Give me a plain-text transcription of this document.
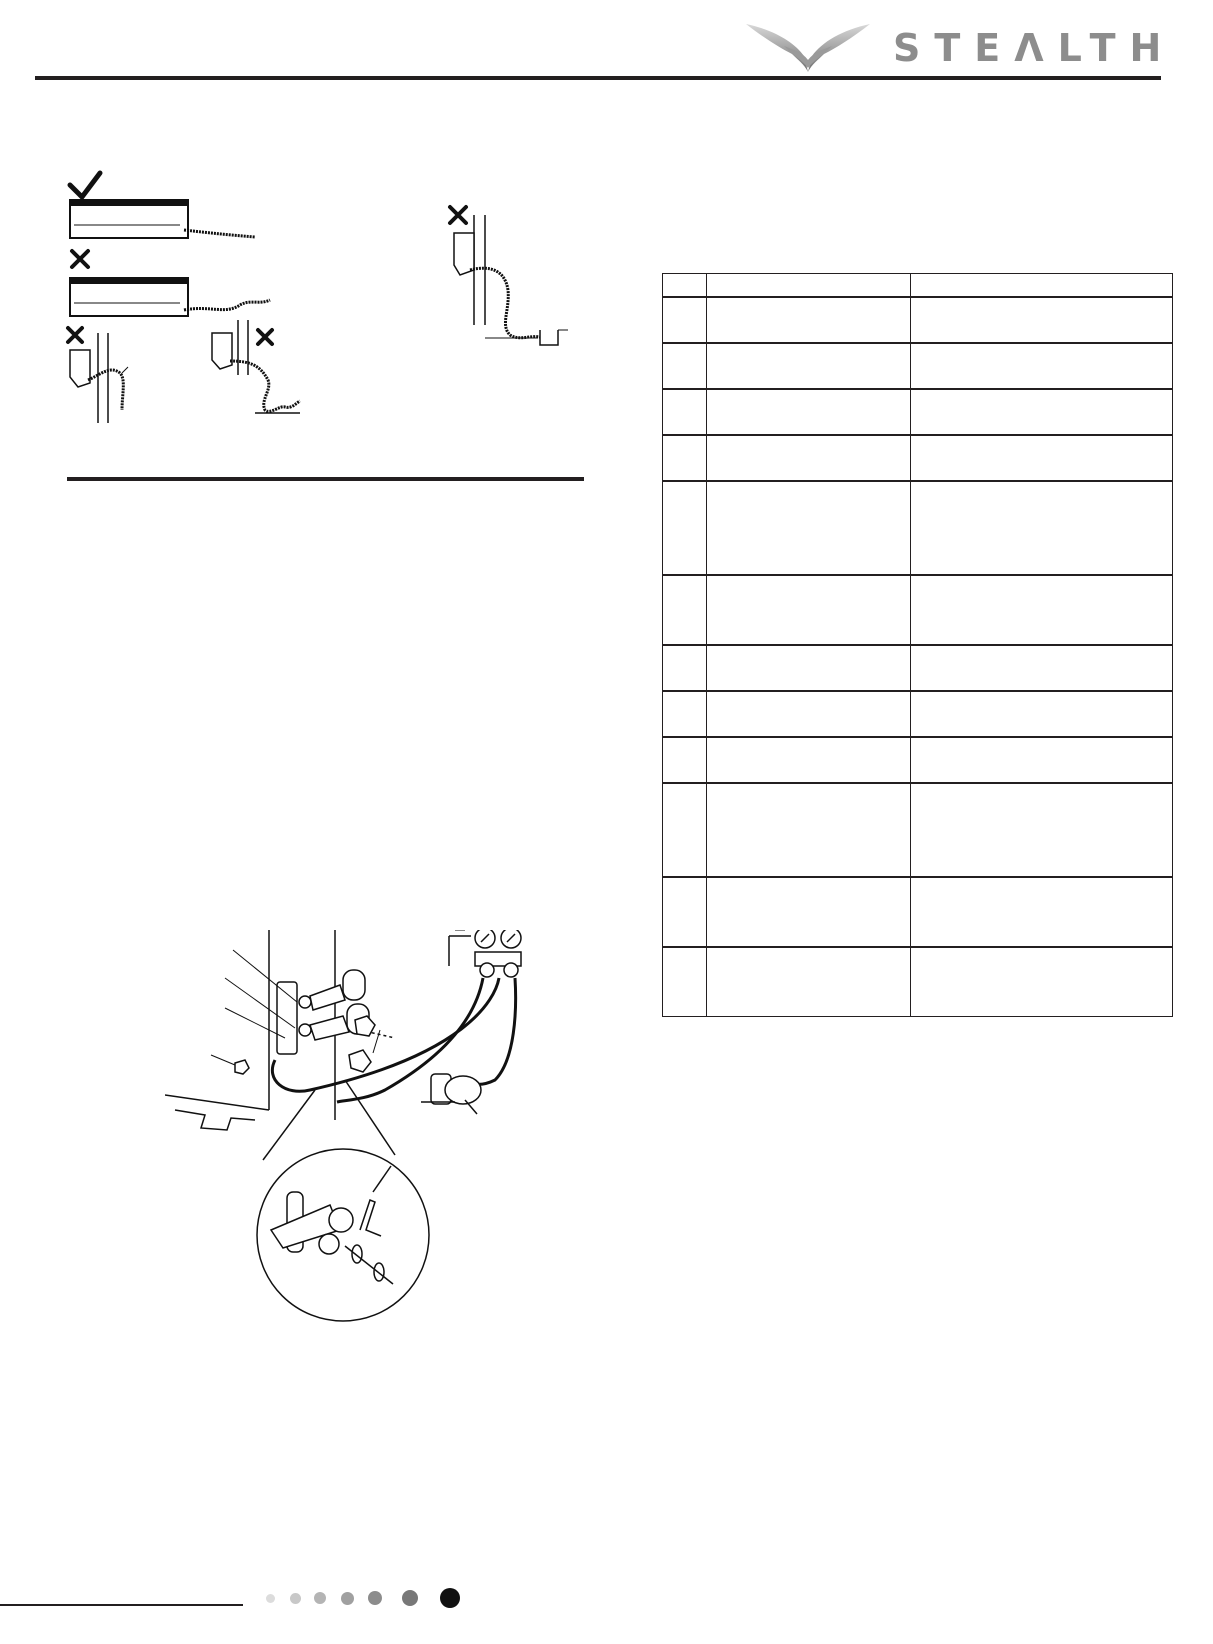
STEΛLTH
